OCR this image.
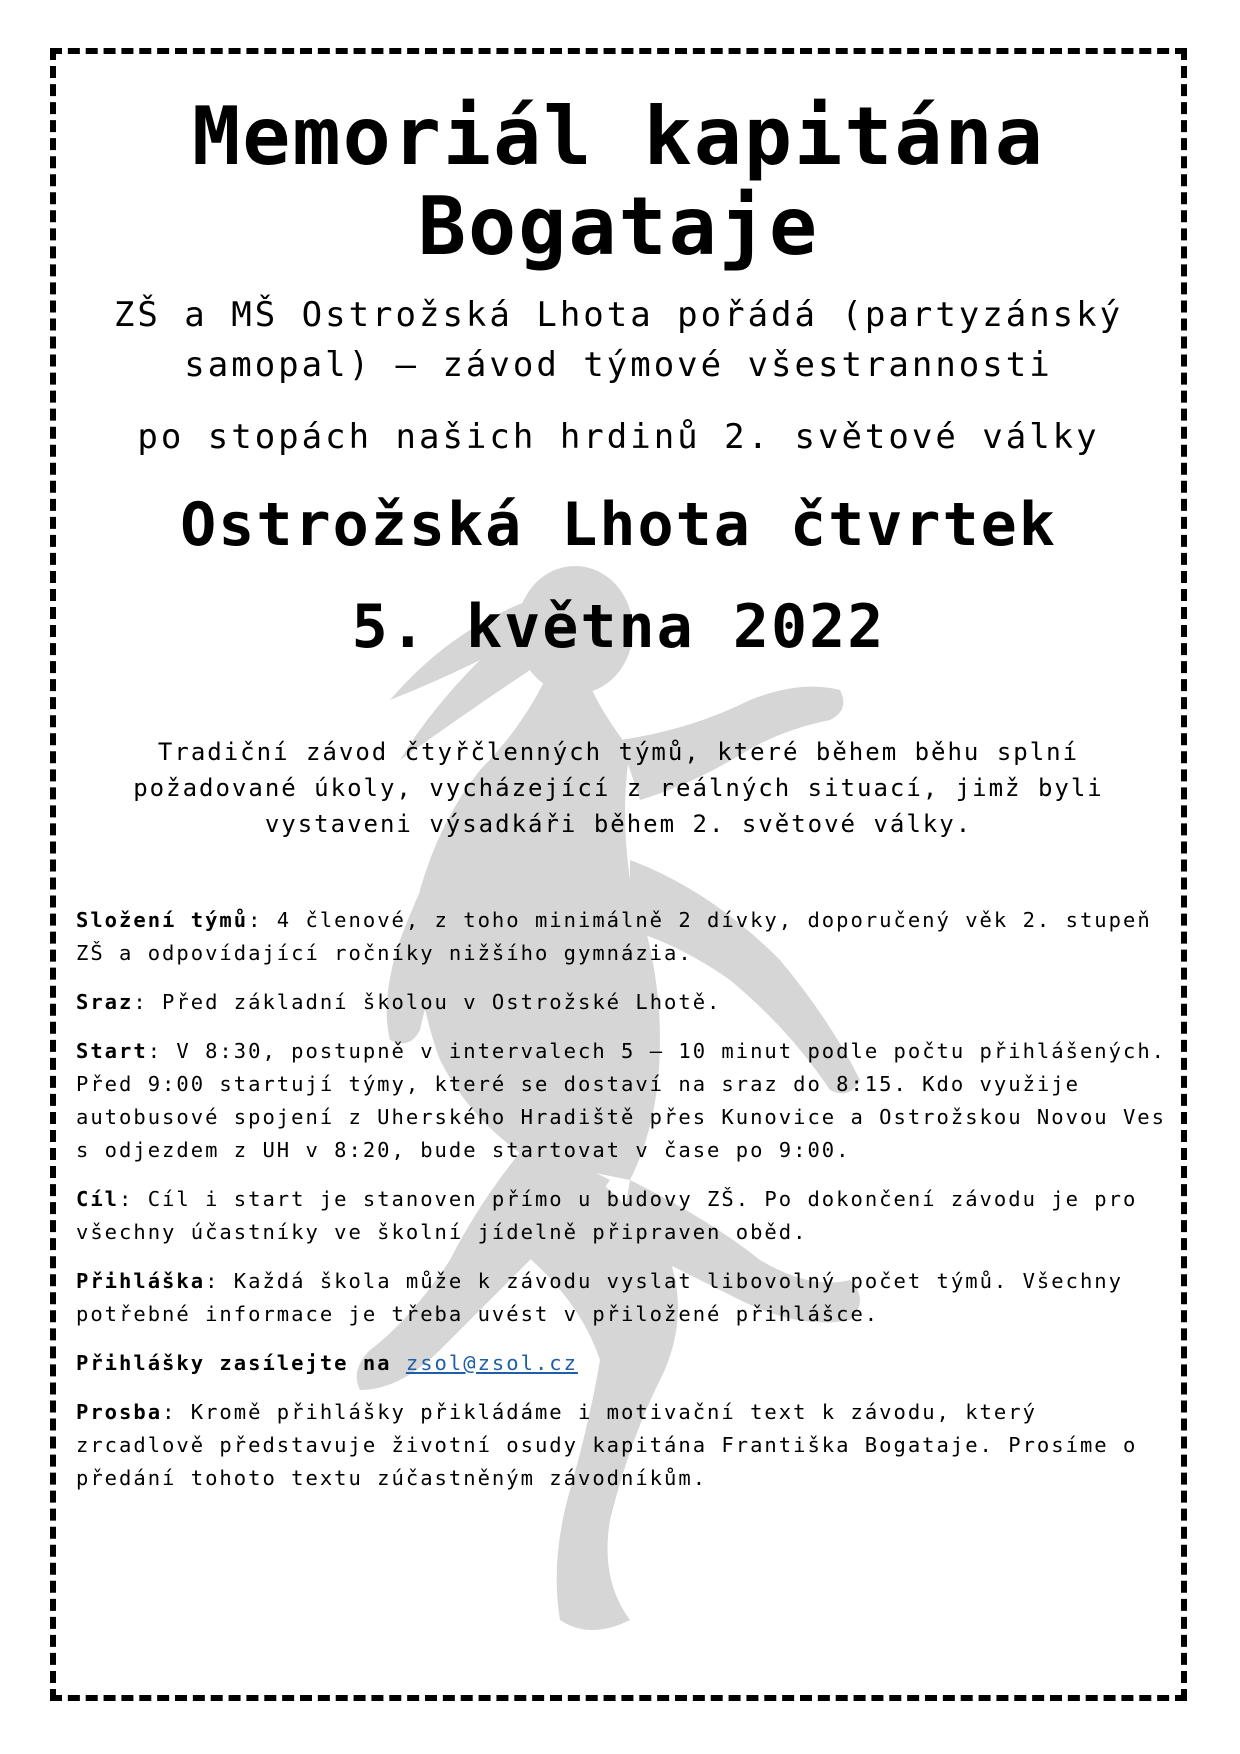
Memoriál kapitána
Bogataje
ZŠ a MŠ Ostrožská Lhota pořádá (partyzánský
samopal) – závod týmové všestrannosti
po stopách našich hrdinů 2. světové války
Ostrožská Lhota čtvrtek
5. května 2022
Tradiční závod čtyřčlenných týmů, které během běhu splní požadované úkoly, vycházející z reálných situací, jimž byli vystaveni výsadkáři během 2. světové války.

Složení týmů: 4 členové, z toho minimálně 2 dívky, doporučený věk 2. stupeň ZŠ a odpovídající ročníky nižšího gymnázia.

Sraz: Před základní školou v Ostrožské Lhotě.

Start: V 8:30, postupně v intervalech 5 – 10 minut podle počtu přihlášených. Před 9:00 startují týmy, které se dostaví na sraz do 8:15. Kdo využije autobusové spojení z Uherského Hradiště přes Kunovice a Ostrožskou Novou Ves s odjezdem z UH v 8:20, bude startovat v čase po 9:00.

Cíl: Cíl i start je stanoven přímo u budovy ZŠ. Po dokončení závodu je pro všechny účastníky ve školní jídelně připraven oběd.

Přihláška: Každá škola může k závodu vyslat libovolný počet týmů. Všechny potřebné informace je třeba uvést v přiložené přihlášce.

Přihlášky zasílejte na zsol@zsol.cz

Prosba: Kromě přihlášky přikládáme i motivační text k závodu, který zrcadlově představuje životní osudy kapitána Františka Bogataje. Prosíme o předání tohoto textu zúčastněným závodníkům.
